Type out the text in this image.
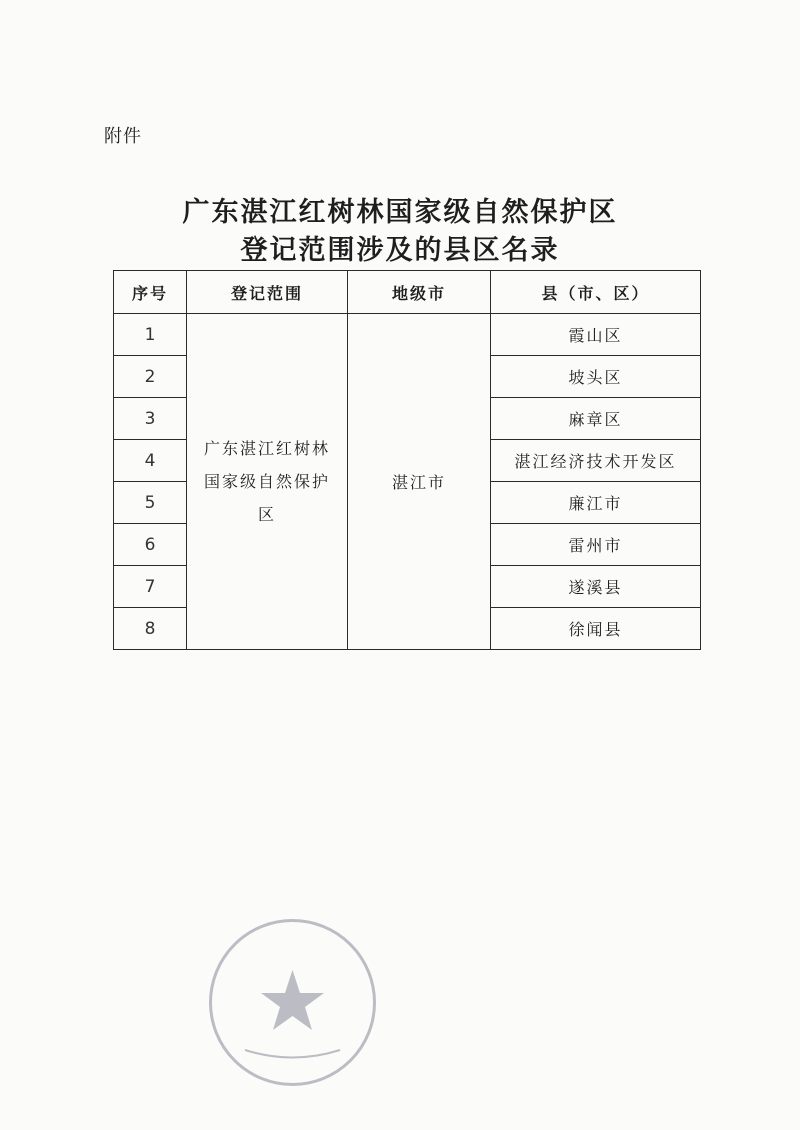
附件
广东湛江红树林国家级自然保护区
登记范围涉及的县区名录
序号	登记范围	地级市	县（市、区）
1	广东湛江红树林国家级自然保护区	湛江市	霞山区
2			坡头区
3			麻章区
4			湛江经济技术开发区
5			廉江市
6			雷州市
7			遂溪县
8			徐闻县
